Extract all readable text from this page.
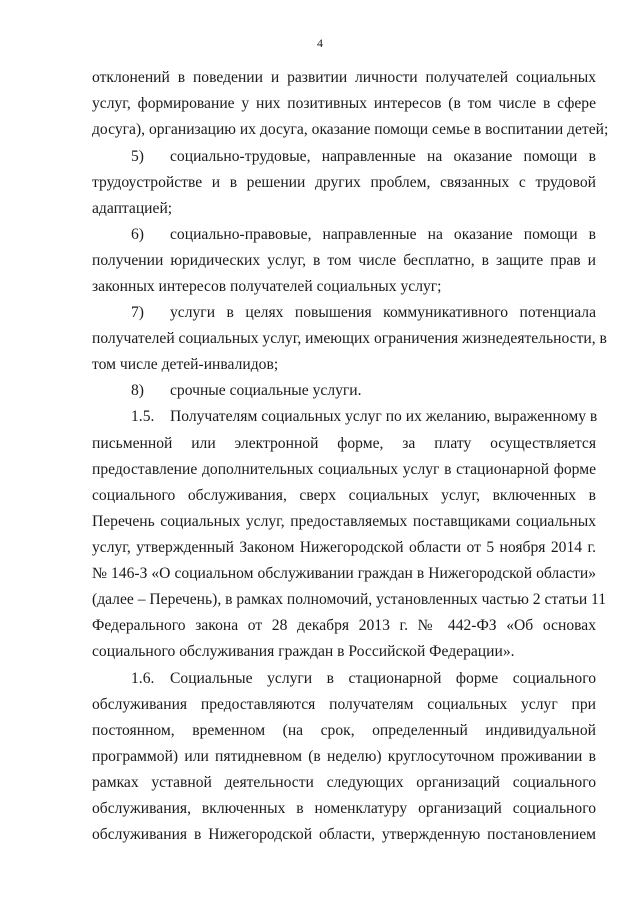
4
отклонений в поведении и развитии личности получателей социальных
услуг, формирование у них позитивных интересов (в том числе в сфере
досуга), организацию их досуга, оказание помощи семье в воспитании детей;
5)	социально-трудовые, направленные на оказание помощи в
трудоустройстве и в решении других проблем, связанных с трудовой
адаптацией;
6)	социально-правовые, направленные на оказание помощи в
получении юридических услуг, в том числе бесплатно, в защите прав и
законных интересов получателей социальных услуг;
7)	услуги в целях повышения коммуникативного потенциала
получателей социальных услуг, имеющих ограничения жизнедеятельности, в
том числе детей-инвалидов;
8)	срочные социальные услуги.
1.5.	Получателям социальных услуг по их желанию, выраженному в
письменной или электронной форме, за плату осуществляется
предоставление дополнительных социальных услуг в стационарной форме
социального обслуживания, сверх социальных услуг, включенных в
Перечень социальных услуг, предоставляемых поставщиками социальных
услуг, утвержденный Законом Нижегородской области от 5 ноября 2014 г.
№ 146-З «О социальном обслуживании граждан в Нижегородской области»
(далее – Перечень), в рамках полномочий, установленных частью 2 статьи 11
Федерального закона от 28 декабря 2013 г. № 442-ФЗ «Об основах
социального обслуживания граждан в Российской Федерации».
1.6.	Социальные услуги в стационарной форме социального
обслуживания предоставляются получателям социальных услуг при
постоянном, временном (на срок, определенный индивидуальной
программой) или пятидневном (в неделю) круглосуточном проживании в
рамках уставной деятельности следующих организаций социального
обслуживания, включенных в номенклатуру организаций социального
обслуживания в Нижегородской области, утвержденную постановлением
